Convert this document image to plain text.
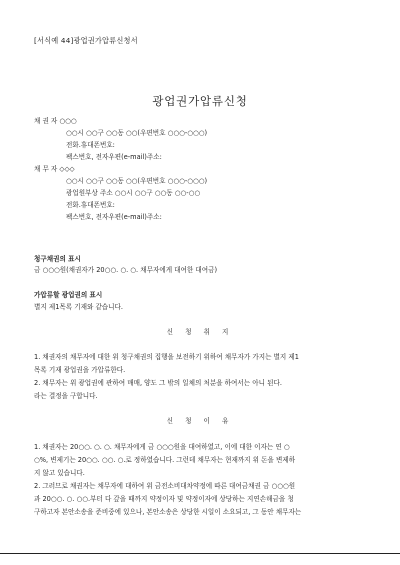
[서식예 44]광업권가압류신청서
광업권가압류신청
채 권 자 ○○○
○○시 ○○구 ○○동 ○○(우편번호 ○○○-○○○)
전화.휴대폰번호:
팩스번호, 전자우편(e-mail)주소:
채 무 자 ◇◇◇
○○시 ○○구 ○○동 ○○(우편번호 ○○○-○○○)
광업원부상 주소 ○○시 ○○구 ○○동 ○○-○○
전화.휴대폰번호:
팩스번호, 전자우편(e-mail)주소:
청구채권의 표시
금 ○○○원(채권자가 20○○. ○. ○. 채무자에게 대여한 대여금)
가압류할 광업권의 표시
별지 제1목록 기재와 같습니다.
신 청 취 지
1. 채권자의 채무자에 대한 위 청구채권의 집행을 보전하기 위하여 채무자가 가지는 별지 제1
목록 기재 광업권을 가압류한다.
2. 채무자는 위 광업권에 관하여 매매, 양도 그 밖의 일체의 처분을 하여서는 아니 된다.
라는 결정을 구합니다.
신 청 이 유
1. 채권자는 20○○. ○. ○. 채무자에게 금 ○○○원을 대여하였고, 이에 대한 이자는 연 ○
○%, 변제기는 20○○. ○○. ○.로 정하였습니다. 그런데 채무자는 현재까지 위 돈을 변제하
지 않고 있습니다.
2. 그러므로 채권자는 채무자에 대하여 위 금전소비대차약정에 따른 대여금채권 금 ○○○원
과 20○○. ○. ○○.부터 다 갚을 때까지 약정이자 및 약정이자에 상당하는 지연손해금을 청
구하고자 본안소송을 준비중에 있으나, 본안소송은 상당한 시일이 소요되고, 그 동안 채무자는
